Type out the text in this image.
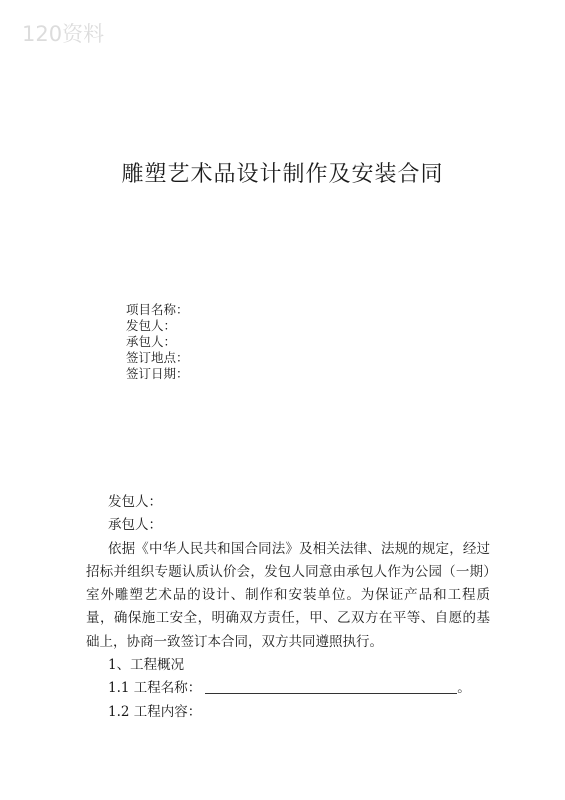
120资料
雕塑艺术品设计制作及安装合同
项目名称：
发包人：
承包人：
签订地点：
签订日期：
发包人：
承包人：
依据《中华人民共和国合同法》及相关法律、法规的规定，经过招标并组织专题认质认价会，发包人同意由承包人作为公园（一期）室外雕塑艺术品的设计、制作和安装单位。为保证产品和工程质量，确保施工安全，明确双方责任，甲、乙双方在平等、自愿的基础上，协商一致签订本合同，双方共同遵照执行。
1、工程概况
1.1 工程名称：	。
1.2 工程内容：
